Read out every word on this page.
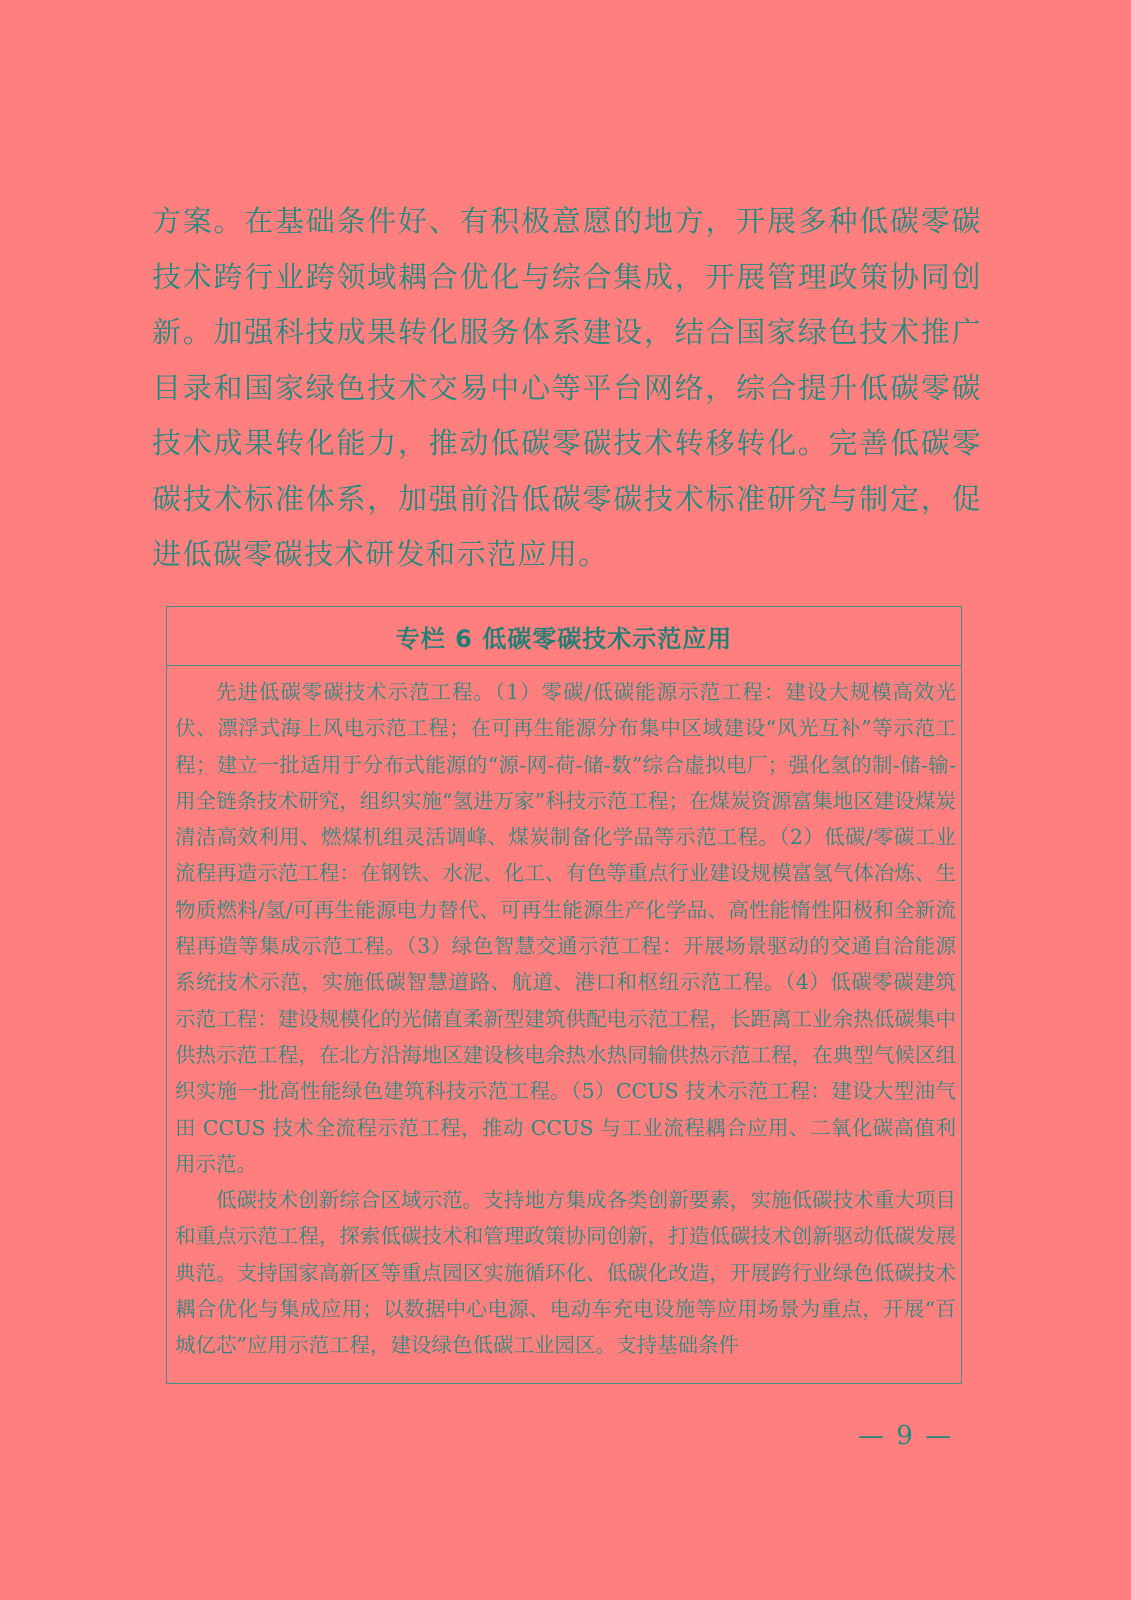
方案。在基础条件好、有积极意愿的地方，开展多种低碳零碳技术跨行业跨领域耦合优化与综合集成，开展管理政策协同创新。加强科技成果转化服务体系建设，结合国家绿色技术推广目录和国家绿色技术交易中心等平台网络，综合提升低碳零碳技术成果转化能力，推动低碳零碳技术转移转化。完善低碳零碳技术标准体系，加强前沿低碳零碳技术标准研究与制定，促进低碳零碳技术研发和示范应用。
专栏 6 低碳零碳技术示范应用

先进低碳零碳技术示范工程。（1）零碳/低碳能源示范工程：建设大规模高效光伏、漂浮式海上风电示范工程；在可再生能源分布集中区域建设“风光互补”等示范工程；建立一批适用于分布式能源的“源-网-荷-储-数”综合虚拟电厂；强化氢的制-储-输-用全链条技术研究，组织实施“氢进万家”科技示范工程；在煤炭资源富集地区建设煤炭清洁高效利用、燃煤机组灵活调峰、煤炭制备化学品等示范工程。（2）低碳/零碳工业流程再造示范工程：在钢铁、水泥、化工、有色等重点行业建设规模富氢气体冶炼、生物质燃料/氢/可再生能源电力替代、可再生能源生产化学品、高性能惰性阳极和全新流程再造等集成示范工程。（3）绿色智慧交通示范工程：开展场景驱动的交通自洽能源系统技术示范，实施低碳智慧道路、航道、港口和枢纽示范工程。（4）低碳零碳建筑示范工程：建设规模化的光储直柔新型建筑供配电示范工程，长距离工业余热低碳集中供热示范工程，在北方沿海地区建设核电余热水热同输供热示范工程，在典型气候区组织实施一批高性能绿色建筑科技示范工程。（5）CCUS 技术示范工程：建设大型油气田 CCUS 技术全流程示范工程，推动 CCUS 与工业流程耦合应用、二氧化碳高值利用示范。

低碳技术创新综合区域示范。支持地方集成各类创新要素，实施低碳技术重大项目和重点示范工程，探索低碳技术和管理政策协同创新，打造低碳技术创新驱动低碳发展典范。支持国家高新区等重点园区实施循环化、低碳化改造，开展跨行业绿色低碳技术耦合优化与集成应用；以数据中心电源、电动车充电设施等应用场景为重点，开展“百城亿芯”应用示范工程，建设绿色低碳工业园区。支持基础条件

— 9 —
